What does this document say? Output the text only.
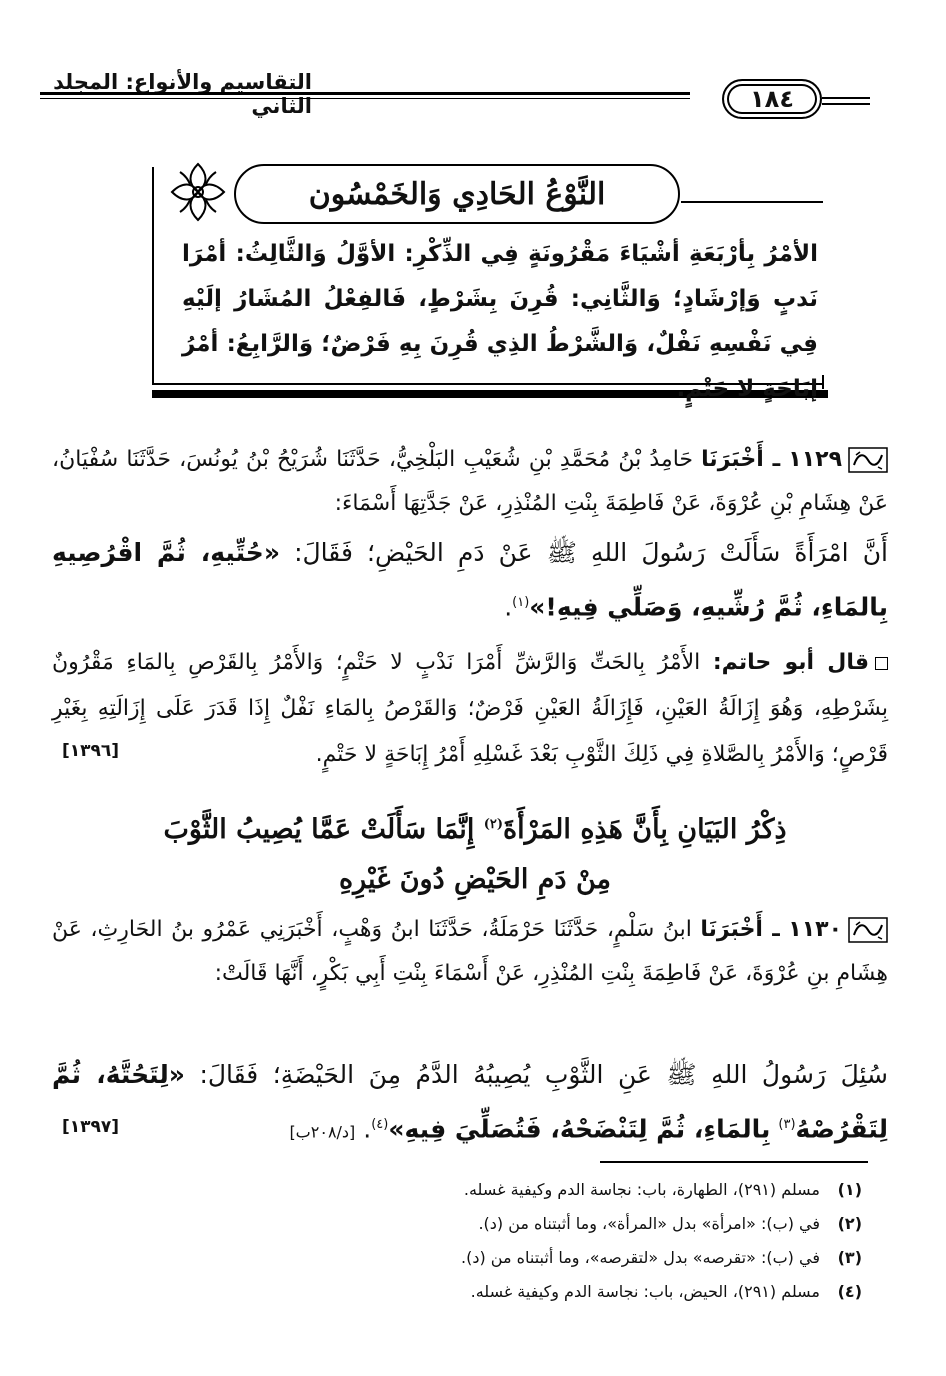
التقاسيم والأنواع: المجلد الثاني	١٨٤
النَّوْعُ الحَادِي وَالخَمْسُون
الأمْرُ بِأرْبَعَةِ أشْيَاءَ مَقْرُونَةٍ فِي الذِّكْرِ: الأوَّلُ وَالثَّالِثُ: أمْرَا نَدبٍ وَإرْشَادٍ؛ وَالثَّانِي: قُرِنَ بِشَرْطٍ، فَالفِعْلُ المُشَارُ إلَيْهِ فِي نَفْسِهِ نَفْلٌ، وَالشَّرْطُ الذِي قُرِنَ بِهِ فَرْضٌ؛ وَالرَّابِعُ: أمْرُ إبَاحَةٍ لا حَتْمٍ.
١١٢٩ ـ أَخْبَرَنَا حَامِدُ بْنُ مُحَمَّدِ بْنِ شُعَيْبِ البَلْخِيُّ، حَدَّثَنَا شُرَيْحُ بْنُ يُونُسَ، حَدَّثَنَا سُفْيَانُ، عَنْ هِشَامِ بْنِ عُرْوَةَ، عَنْ فَاطِمَةَ بِنْتِ المُنْذِرِ، عَنْ جَدَّتِهَا أَسْمَاءَ:
أَنَّ امْرَأَةً سَأَلَتْ رَسُولَ اللهِ ﷺ عَنْ دَمِ الحَيْضِ؛ فَقَالَ: «حُتِّيهِ، ثُمَّ اقْرُصِيهِ بِالمَاءِ، ثُمَّ رُشِّيهِ، وَصَلِّي فِيهِ!»$^{(١)}$.
قال أبو حاتم: الأَمْرُ بِالحَتِّ وَالرَّشِّ أَمْرَا نَدْبٍ لا حَتْمٍ؛ وَالأَمْرُ بِالقَرْصِ بِالمَاءِ مَقْرُونٌ بِشَرْطِهِ، وَهُوَ إِزَالَةُ العَيْنِ، فَإِزَالَةُ العَيْنِ فَرْضٌ؛ وَالقَرْصُ بِالمَاءِ نَفْلٌ إِذَا قَدَرَ عَلَى إِزَالَتِهِ بِغَيْرِ قَرْصٍ؛ وَالأَمْرُ بِالصَّلاةِ فِي ذَلِكَ الثَّوْبِ بَعْدَ غَسْلِهِ أَمْرُ إِبَاحَةٍ لا حَتْمٍ.
[١٣٩٦]
ذِكْرُ البَيَانِ بِأَنَّ هَذِهِ المَرْأَةَ$^{(٢)}$ إِنَّمَا سَأَلَتْ عَمَّا يُصِيبُ الثَّوْبَ
مِنْ دَمِ الحَيْضِ دُونَ غَيْرِهِ
١١٣٠ ـ أَخْبَرَنَا ابنُ سَلْمٍ، حَدَّثَنَا حَرْمَلَةُ، حَدَّثَنَا ابنُ وَهْبٍ، أَخْبَرَنِي عَمْرُو بنُ الحَارِثِ، عَنْ هِشَامِ بنِ عُرْوَةَ، عَنْ فَاطِمَةَ بِنْتِ المُنْذِرِ، عَنْ أَسْمَاءَ بِنْتِ أَبِي بَكْرٍ، أَنَّهَا قَالَتْ:
سُئِلَ رَسُولُ اللهِ ﷺ عَنِ الثَّوْبِ يُصِيبُهُ الدَّمُ مِنَ الحَيْضَةِ؛ فَقَالَ: «لِتَحُتَّهُ، ثُمَّ لِتَقْرُصْهُ$^{(٣)}$ بِالمَاءِ، ثُمَّ لِتَنْضَحْهُ، فَتُصَلِّيَ فِيهِ»$^{(٤)}$. [د/٢٠٨ب]
[١٣٩٧]
(١)مسلم (٢٩١)، الطهارة، باب: نجاسة الدم وكيفية غسله.
(٢)في (ب): «امرأة» بدل «المرأة»، وما أثبتناه من (د).
(٣)في (ب): «تقرصه» بدل «لتقرصه»، وما أثبتناه من (د).
(٤)مسلم (٢٩١)، الحيض، باب: نجاسة الدم وكيفية غسله.
